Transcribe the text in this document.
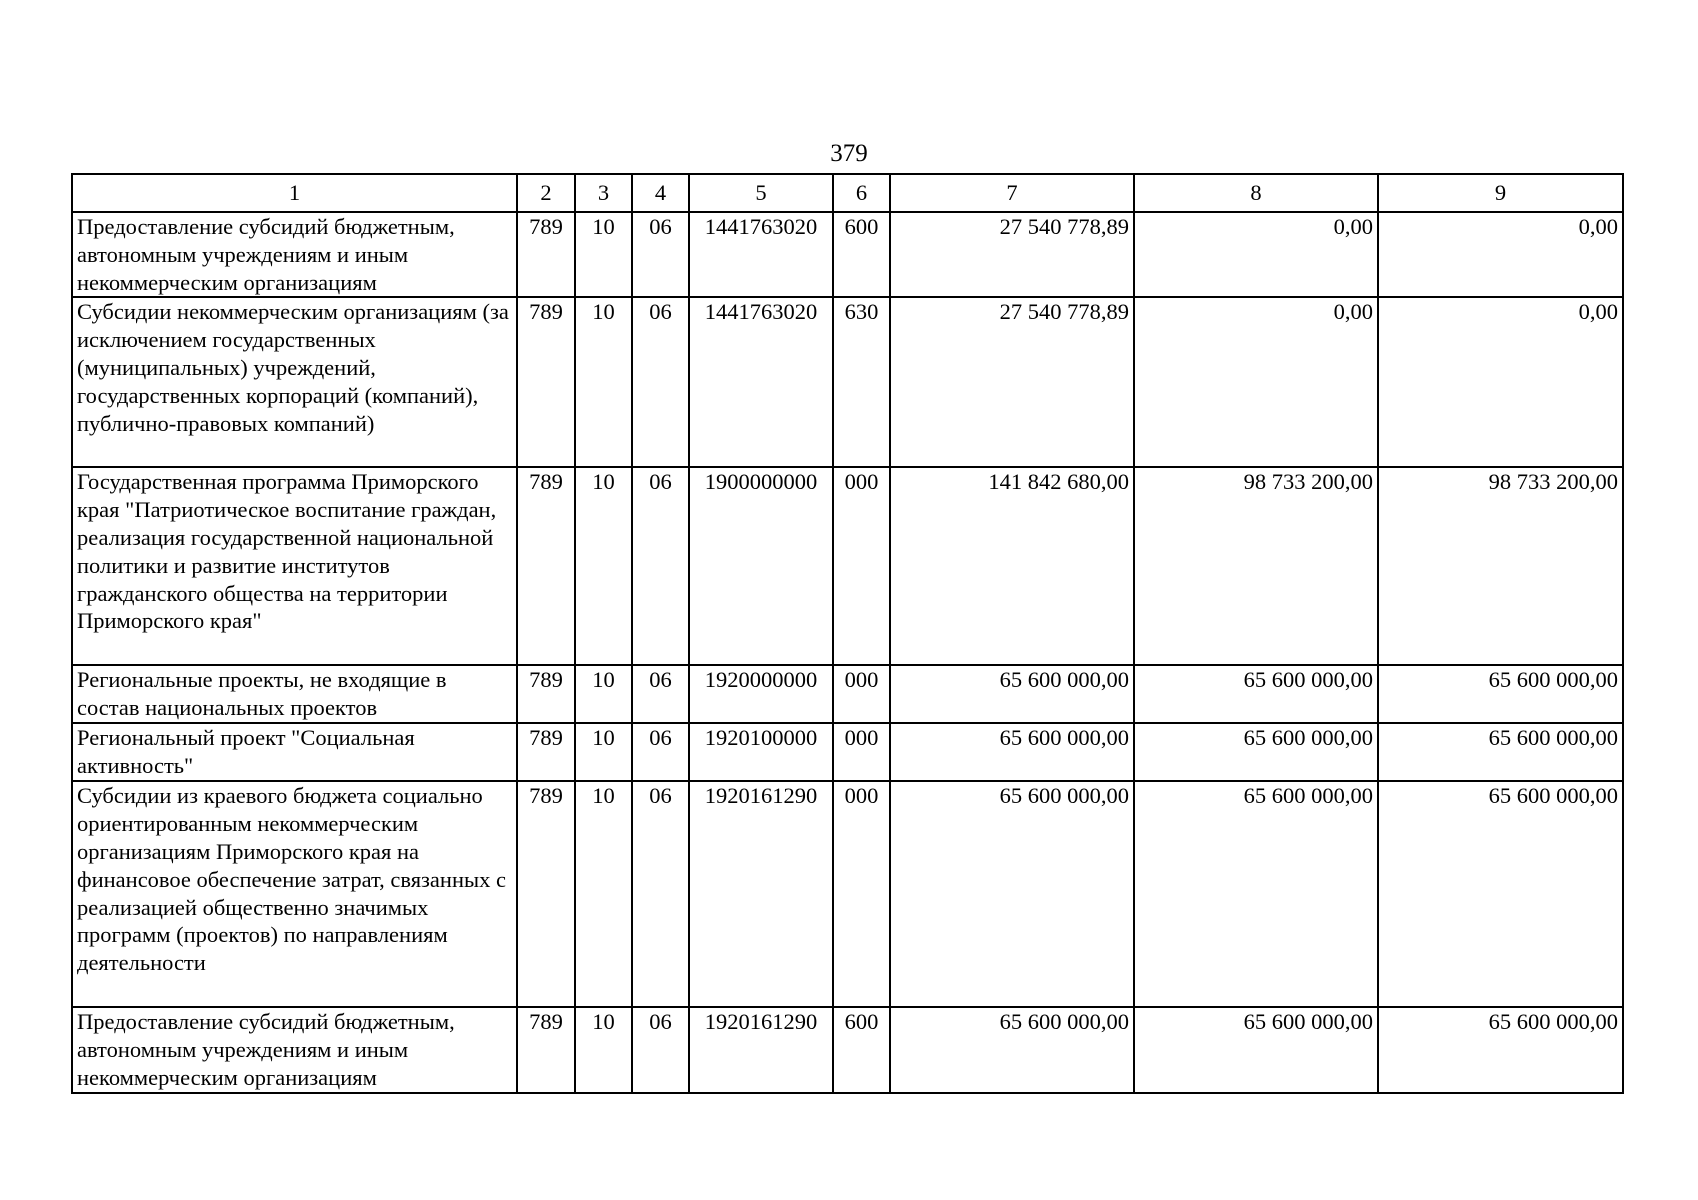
379
1	2	3	4	5	6	7	8	9
Предоставление субсидий бюджетным, автономным учреждениям и иным некоммерческим организациям	789	10	06	1441763020	600	27 540 778,89	0,00	0,00
Субсидии некоммерческим организациям (за исключением государственных (муниципальных) учреждений, государственных корпораций (компаний), публично-правовых компаний)	789	10	06	1441763020	630	27 540 778,89	0,00	0,00
Государственная программа Приморского края "Патриотическое воспитание граждан, реализация государственной национальной политики и развитие институтов гражданского общества на территории Приморского края"	789	10	06	1900000000	000	141 842 680,00	98 733 200,00	98 733 200,00
Региональные проекты, не входящие в состав национальных проектов	789	10	06	1920000000	000	65 600 000,00	65 600 000,00	65 600 000,00
Региональный проект "Социальная активность"	789	10	06	1920100000	000	65 600 000,00	65 600 000,00	65 600 000,00
Субсидии из краевого бюджета социально ориентированным некоммерческим организациям Приморского края на финансовое обеспечение затрат, связанных с реализацией общественно значимых программ (проектов) по направлениям деятельности	789	10	06	1920161290	000	65 600 000,00	65 600 000,00	65 600 000,00
Предоставление субсидий бюджетным, автономным учреждениям и иным некоммерческим организациям	789	10	06	1920161290	600	65 600 000,00	65 600 000,00	65 600 000,00
